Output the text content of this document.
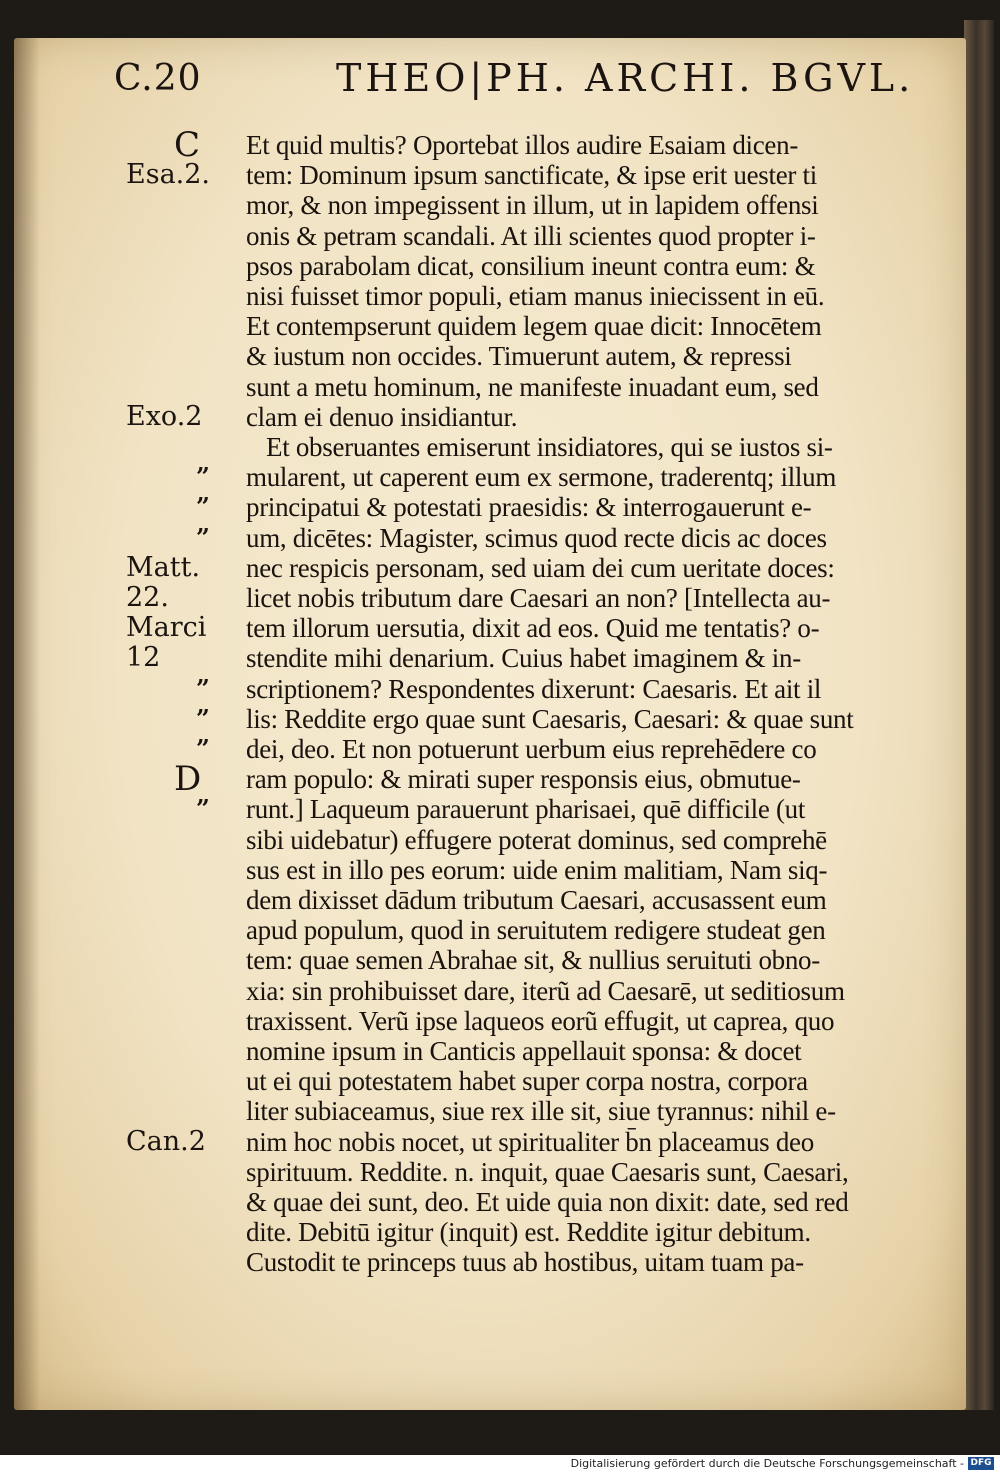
C.20	THEO|PH. ARCHI. BGVL.
C
Esa.2.
Exo.2
”
”
”
Matt.
22.
Marci
12
”
”
”
D
”
Can.2
Et quid multis? Oportebat illos audire Esaiam dicen-
tem: Dominum ipsum sanctificate, & ipse erit uester ti
mor, & non impegissent in illum, ut in lapidem offensi
onis & petram scandali. At illi scientes quod propter i-
psos parabolam dicat, consilium ineunt contra eum: &
nisi fuisset timor populi, etiam manus iniecissent in eū.
Et contempserunt quidem legem quae dicit: Innocētem
& iustum non occides. Timuerunt autem, & repressi
sunt a metu hominum, ne manifeste inuadant eum, sed
clam ei denuo insidiantur.
Et obseruantes emiserunt insidiatores, qui se iustos si-
mularent, ut caperent eum ex sermone, traderentq; illum
principatui & potestati praesidis: & interrogauerunt e-
um, dicētes: Magister, scimus quod recte dicis ac doces
nec respicis personam, sed uiam dei cum ueritate doces:
licet nobis tributum dare Caesari an non? [Intellecta au-
tem illorum uersutia, dixit ad eos. Quid me tentatis? o-
stendite mihi denarium. Cuius habet imaginem & in-
scriptionem? Respondentes dixerunt: Caesaris. Et ait il
lis: Reddite ergo quae sunt Caesaris, Caesari: & quae sunt
dei, deo. Et non potuerunt uerbum eius reprehēdere co
ram populo: & mirati super responsis eius, obmutue-
runt.] Laqueum parauerunt pharisaei, quē difficile (ut
sibi uidebatur) effugere poterat dominus, sed comprehē
sus est in illo pes eorum: uide enim malitiam, Nam siq-
dem dixisset dādum tributum Caesari, accusassent eum
apud populum, quod in seruitutem redigere studeat gen
tem: quae semen Abrahae sit, & nullius seruituti obno-
xia: sin prohibuisset dare, iterũ ad Caesarē, ut seditiosum
traxissent. Verũ ipse laqueos eorũ effugit, ut caprea, quo
nomine ipsum in Canticis appellauit sponsa: & docet
ut ei qui potestatem habet super corpa nostra, corpora
liter subiaceamus, siue rex ille sit, siue tyrannus: nihil e-
nim hoc nobis nocet, ut spiritualiter b̄n placeamus deo
spirituum. Reddite. n. inquit, quae Caesaris sunt, Caesari,
& quae dei sunt, deo. Et uide quia non dixit: date, sed red
dite. Debitū igitur (inquit) est. Reddite igitur debitum.
Custodit te princeps tuus ab hostibus, uitam tuam pa-
Digitalisierung gefördert durch die Deutsche Forschungsgemeinschaft - DFG
